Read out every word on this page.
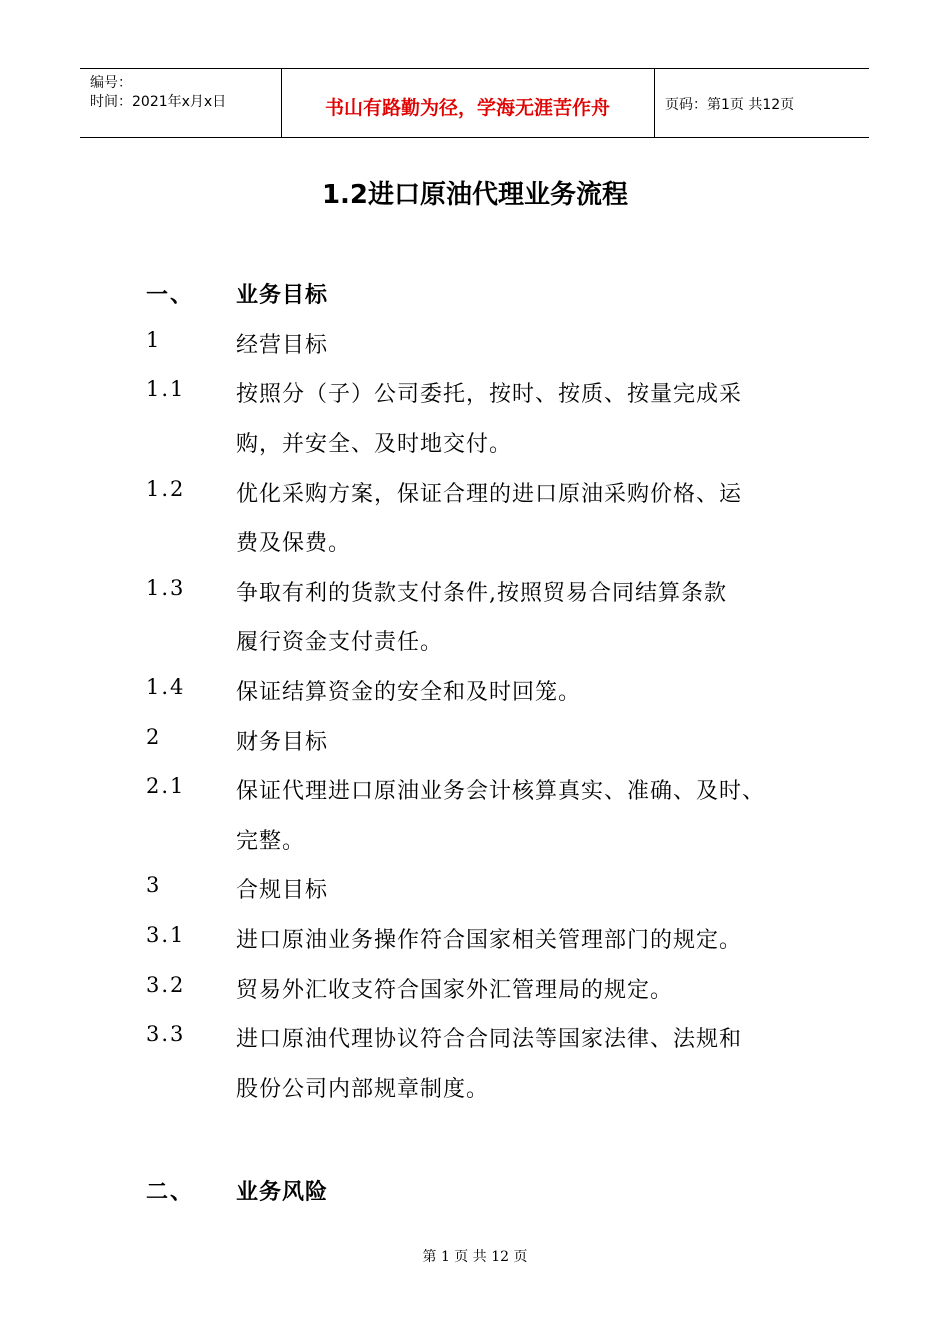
编号：
时间：2021年x月x日	书山有路勤为径，学海无涯苦作舟	页码：第1页 共12页
1.2进口原油代理业务流程
一、 业务目标
1	经营目标
1.1 按照分（子）公司委托，按时、按质、按量完成采
购，并安全、及时地交付。
1.2 优化采购方案，保证合理的进口原油采购价格、运
费及保费。
1.3 争取有利的货款支付条件,按照贸易合同结算条款
履行资金支付责任。
1.4 保证结算资金的安全和及时回笼。
2	财务目标
2.1 保证代理进口原油业务会计核算真实、准确、及时、
完整。
3	合规目标
3.1 进口原油业务操作符合国家相关管理部门的规定。
3.2 贸易外汇收支符合国家外汇管理局的规定。
3.3 进口原油代理协议符合合同法等国家法律、法规和
股份公司内部规章制度。
二、 业务风险
第 1 页 共 12 页
